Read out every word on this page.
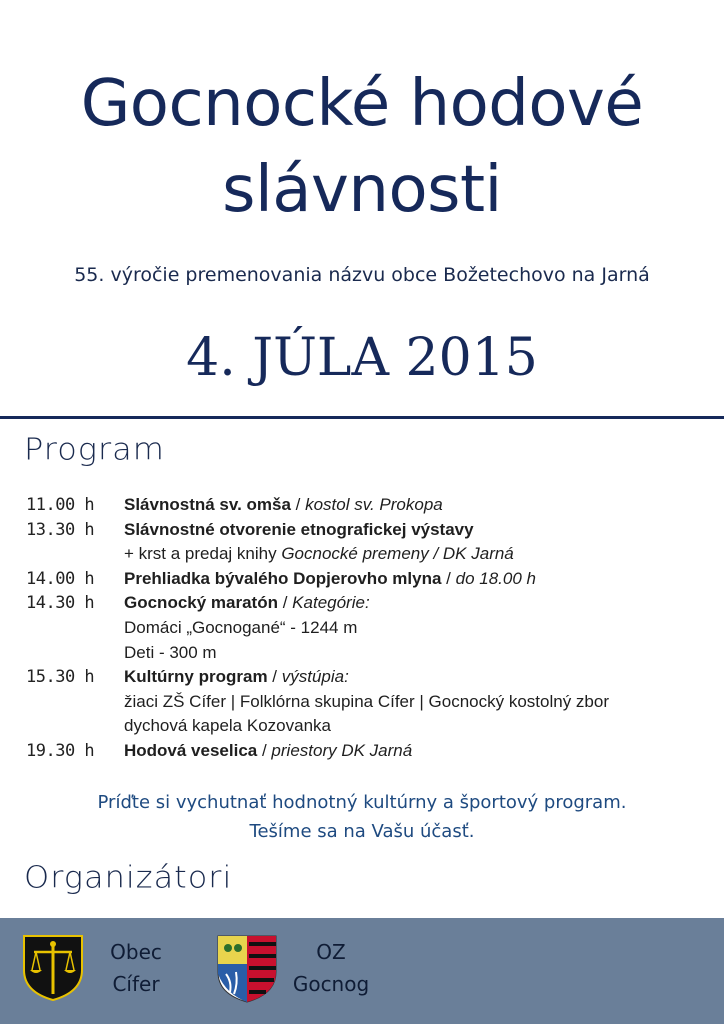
Gocnocké hodové
slávnosti
55. výročie premenovania názvu obce Božetechovo na Jarná
4. JÚLA 2015
Program
11.00 h	Slávnostná sv. omša / kostol sv. Prokopa
13.30 h	Slávnostné otvorenie etnografickej výstavy
+ krst a predaj knihy Gocnocké premeny / DK Jarná
14.00 h	Prehliadka bývalého Dopjerovho mlyna / do 18.00 h
14.30 h	Gocnocký maratón / Kategórie:
Domáci „Gocnogané“ - 1244 m
Deti - 300 m
15.30 h	Kultúrny program / výstúpia:
žiaci ZŠ Cífer | Folklórna skupina Cífer | Gocnocký kostolný zbor
dychová kapela Kozovanka
19.30 h	Hodová veselica / priestory DK Jarná
Príďte si vychutnať hodnotný kultúrny a športový program.
Tešíme sa na Vašu účasť.
Organizátori
Obec
Cífer
OZ
Gocnog
